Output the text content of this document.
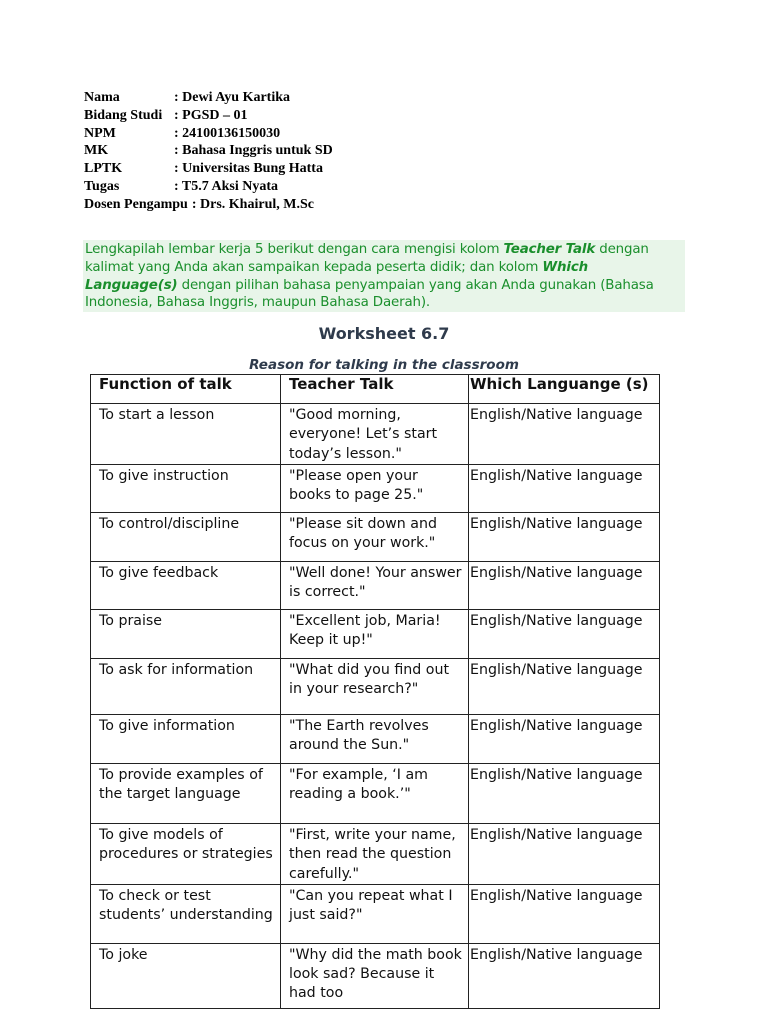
Nama	: Dewi Ayu Kartika
Bidang Studi : PGSD – 01
NPM	: 24100136150030
MK	: Bahasa Inggris untuk SD
LPTK	: Universitas Bung Hatta
Tugas	: T5.7 Aksi Nyata
Dosen Pengampu : Drs. Khairul, M.Sc
Lengkapilah lembar kerja 5 berikut dengan cara mengisi kolom Teacher Talk dengan kalimat yang Anda akan sampaikan kepada peserta didik; dan kolom Which Language(s) dengan pilihan bahasa penyampaian yang akan Anda gunakan (Bahasa Indonesia, Bahasa Inggris, maupun Bahasa Daerah).
Worksheet 6.7
Reason for talking in the classroom
Function of talk	Teacher Talk	Which Languange (s)
To start a lesson	"Good morning, everyone! Let’s start today’s lesson."	English/Native language
To give instruction	"Please open your books to page 25."	English/Native language
To control/discipline	"Please sit down and focus on your work."	English/Native language
To give feedback	"Well done! Your answer is correct."	English/Native language
To praise	"Excellent job, Maria! Keep it up!"	English/Native language
To ask for information	"What did you find out in your research?"	English/Native language
To give information	"The Earth revolves around the Sun."	English/Native language
To provide examples of the target language	"For example, ‘I am reading a book.’"	English/Native language
To give models of procedures or strategies	"First, write your name, then read the question carefully."	English/Native language
To check or test students’ understanding	"Can you repeat what I just said?"	English/Native language
To joke	"Why did the math book look sad? Because it had too	English/Native language
